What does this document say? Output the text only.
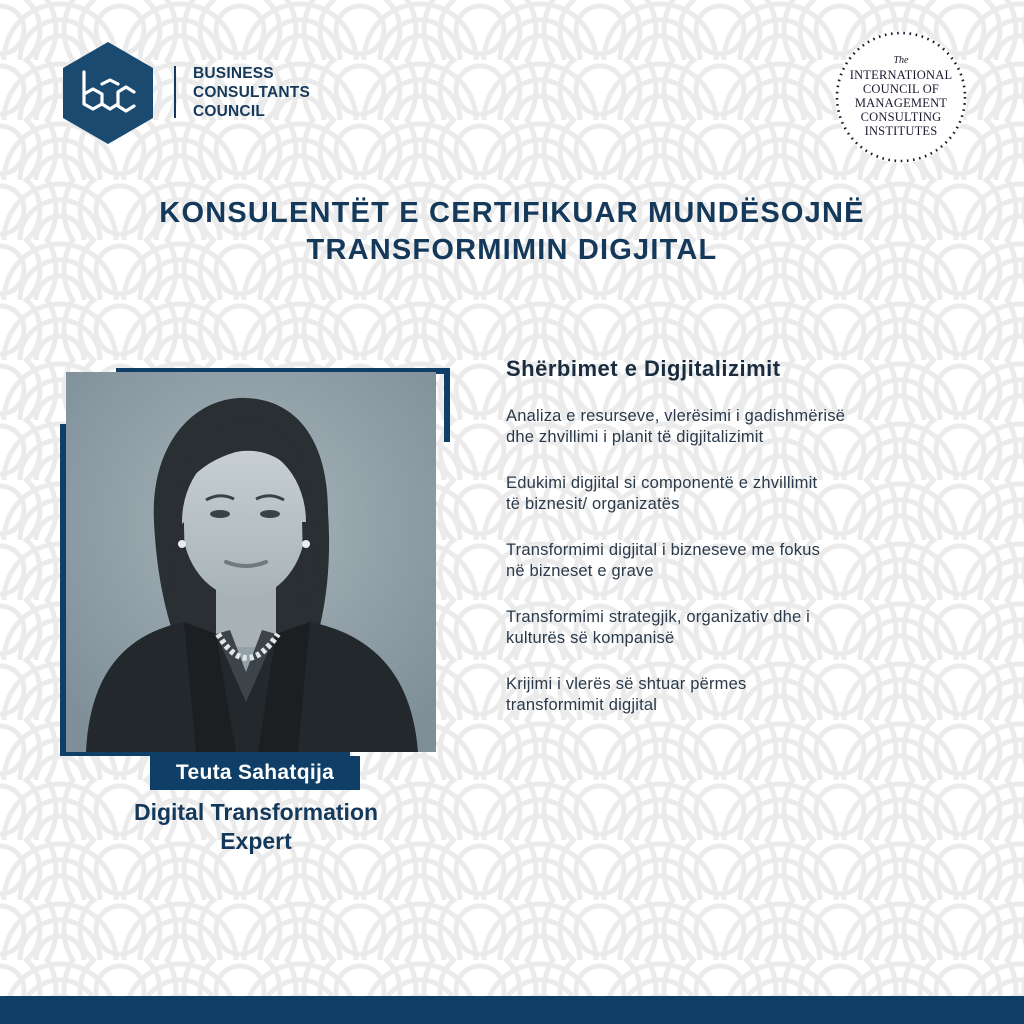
BUSINESS
CONSULTANTS
COUNCIL
The
INTERNATIONAL
COUNCIL OF
MANAGEMENT
CONSULTING
INSTITUTES
KONSULENTËT E CERTIFIKUAR MUNDËSOJNË
TRANSFORMIMIN DIGJITAL
Teuta Sahatqija
Digital Transformation
Expert
Shërbimet e Digjitalizimit
Analiza e resurseve, vlerësimi i gadishmërisë
dhe zhvillimi i planit të digjitalizimit
Edukimi digjital si componentë e zhvillimit
të biznesit/ organizatës
Transformimi digjital i bizneseve me fokus
në bizneset e grave
Transformimi strategjik, organizativ dhe i
kulturës së kompanisë
Krijimi i vlerës së shtuar përmes
transformimit digjital
